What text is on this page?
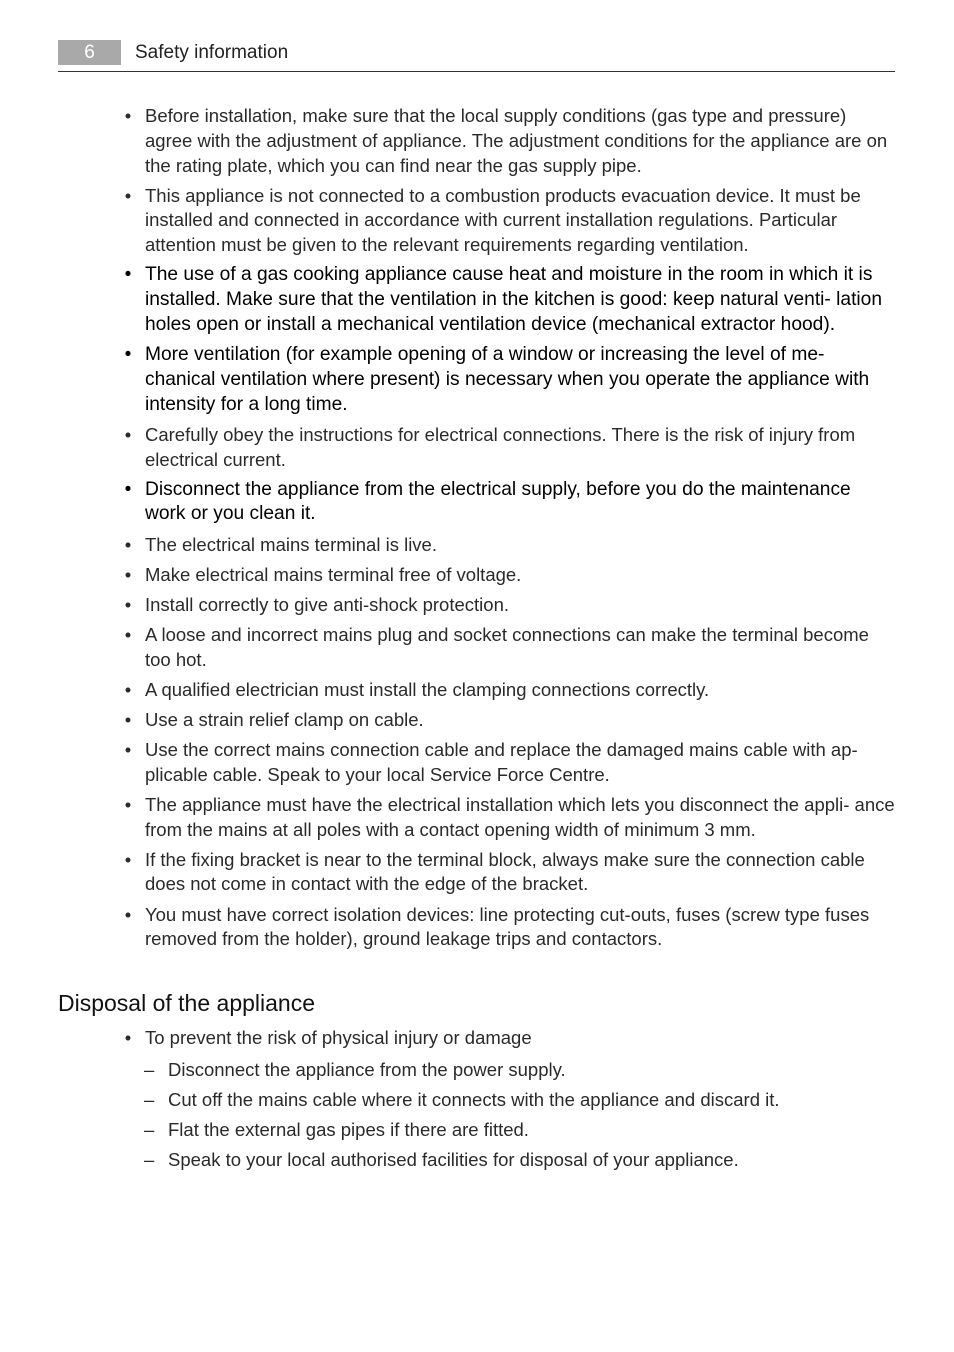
6	Safety information
• Before installation, make sure that the local supply conditions (gas type and pressure) agree with the adjustment of appliance. The adjustment conditions for the appliance are on the rating plate, which you can find near the gas supply pipe.
• This appliance is not connected to a combustion products evacuation device. It must be installed and connected in accordance with current installation regulations. Particular attention must be given to the relevant requirements regarding ventilation.
• The use of a gas cooking appliance cause heat and moisture in the room in which it is installed. Make sure that the ventilation in the kitchen is good: keep natural venti- lation holes open or install a mechanical ventilation device (mechanical extractor hood).
• More ventilation (for example opening of a window or increasing the level of me- chanical ventilation where present) is necessary when you operate the appliance with intensity for a long time.
• Carefully obey the instructions for electrical connections. There is the risk of injury from electrical current.
• Disconnect the appliance from the electrical supply, before you do the maintenance work or you clean it.
• The electrical mains terminal is live.
• Make electrical mains terminal free of voltage.
• Install correctly to give anti-shock protection.
• A loose and incorrect mains plug and socket connections can make the terminal become too hot.
• A qualified electrician must install the clamping connections correctly.
• Use a strain relief clamp on cable.
• Use the correct mains connection cable and replace the damaged mains cable with ap- plicable cable. Speak to your local Service Force Centre.
• The appliance must have the electrical installation which lets you disconnect the appli- ance from the mains at all poles with a contact opening width of minimum 3 mm.
• If the fixing bracket is near to the terminal block, always make sure the connection cable does not come in contact with the edge of the bracket.
• You must have correct isolation devices: line protecting cut-outs, fuses (screw type fuses removed from the holder), ground leakage trips and contactors.
Disposal of the appliance
• To prevent the risk of physical injury or damage
– Disconnect the appliance from the power supply.
– Cut off the mains cable where it connects with the appliance and discard it.
– Flat the external gas pipes if there are fitted.
– Speak to your local authorised facilities for disposal of your appliance.
